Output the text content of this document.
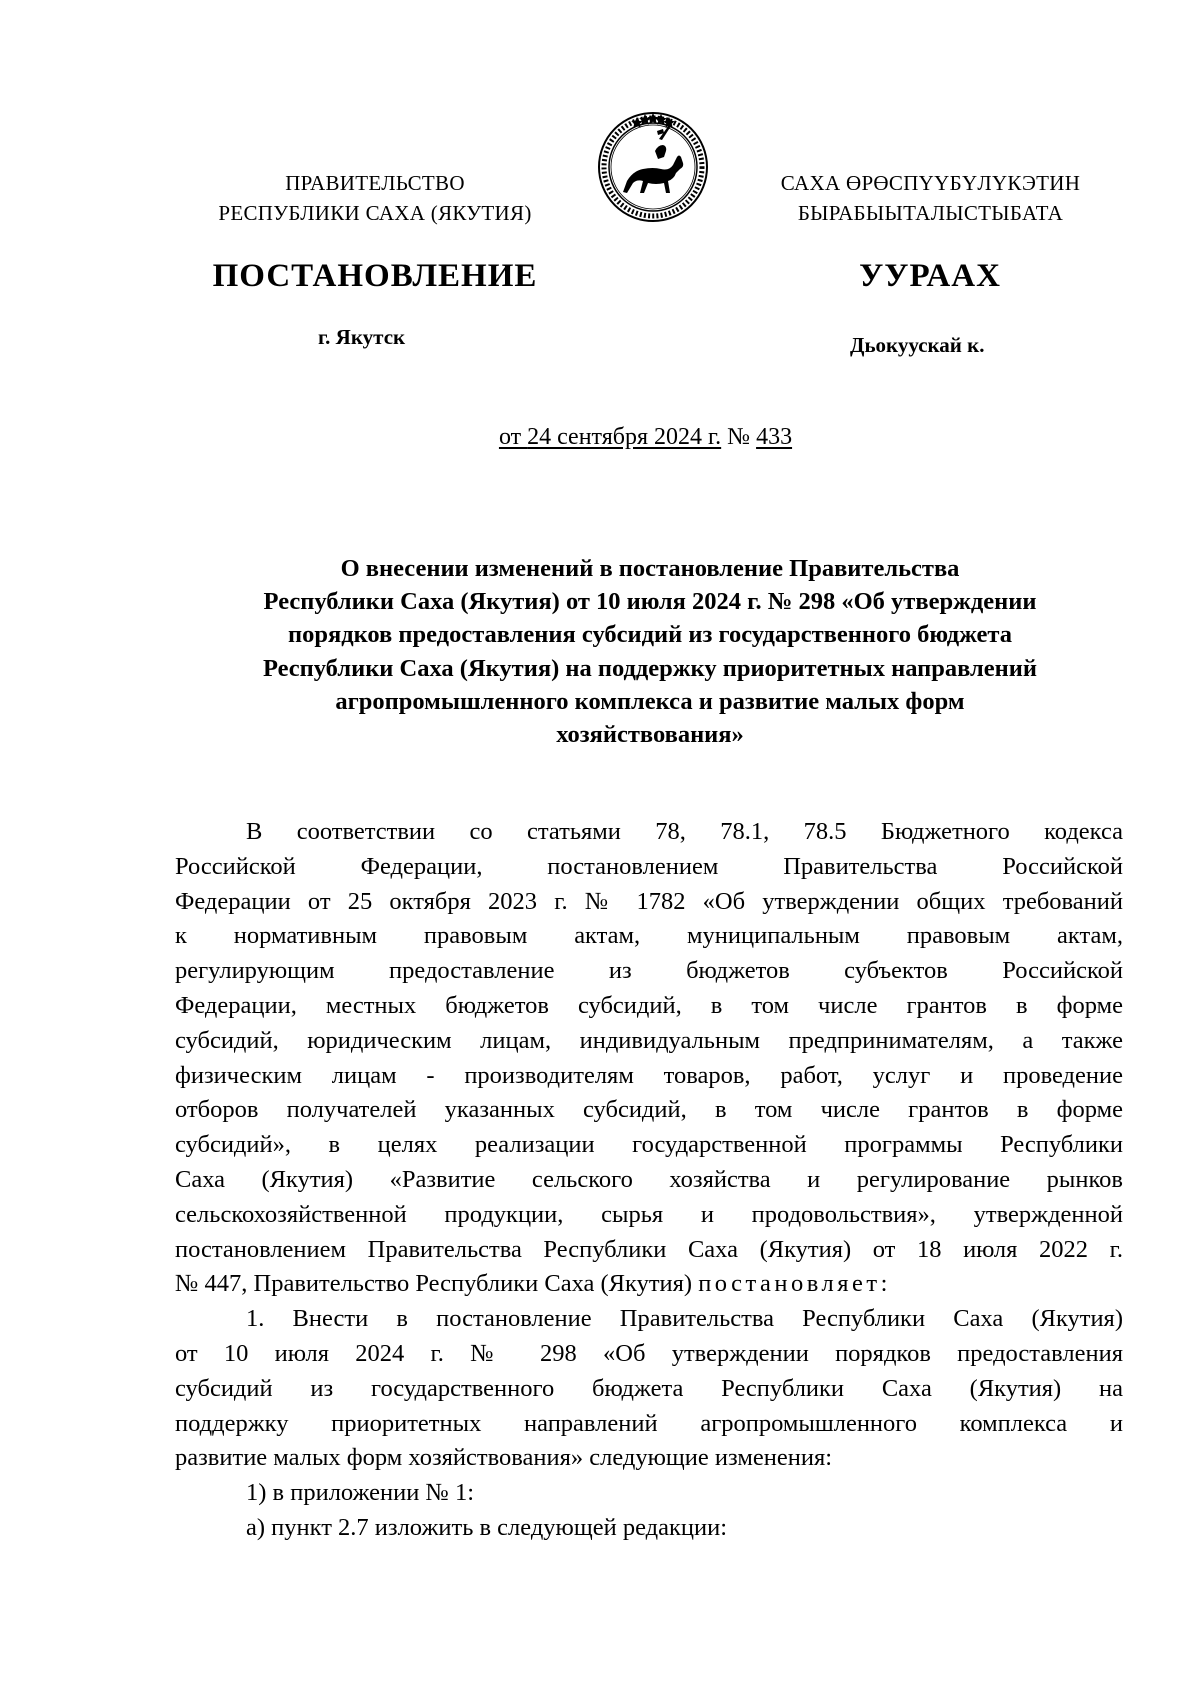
ПРАВИТЕЛЬСТВО
РЕСПУБЛИКИ САХА (ЯКУТИЯ)
САХА ӨРӨСПҮҮБҮЛҮКЭТИН
БЫРАБЫЫТАЛЫСТЫБАТА
ПОСТАНОВЛЕНИЕ	УУРААХ
г. Якутск	Дьокуускай к.
от 24 сентября 2024 г. № 433
О внесении изменений в постановление Правительства
Республики Саха (Якутия) от 10 июля 2024 г. № 298 «Об утверждении
порядков предоставления субсидий из государственного бюджета
Республики Саха (Якутия) на поддержку приоритетных направлений
агропромышленного комплекса и развитие малых форм
хозяйствования»
В соответствии со статьями 78, 78.1, 78.5 Бюджетного кодекса
Российской Федерации, постановлением Правительства Российской
Федерации от 25 октября 2023 г. № 1782 «Об утверждении общих требований
к нормативным правовым актам, муниципальным правовым актам,
регулирующим предоставление из бюджетов субъектов Российской
Федерации, местных бюджетов субсидий, в том числе грантов в форме
субсидий, юридическим лицам, индивидуальным предпринимателям, а также
физическим лицам - производителям товаров, работ, услуг и проведение
отборов получателей указанных субсидий, в том числе грантов в форме
субсидий», в целях реализации государственной программы Республики
Саха (Якутия) «Развитие сельского хозяйства и регулирование рынков
сельскохозяйственной продукции, сырья и продовольствия», утвержденной
постановлением Правительства Республики Саха (Якутия) от 18 июля 2022 г.
№ 447, Правительство Республики Саха (Якутия) постановляет:
1. Внести в постановление Правительства Республики Саха (Якутия)
от 10 июля 2024 г. № 298 «Об утверждении порядков предоставления
субсидий из государственного бюджета Республики Саха (Якутия) на
поддержку приоритетных направлений агропромышленного комплекса и
развитие малых форм хозяйствования» следующие изменения:
1) в приложении № 1:
а) пункт 2.7 изложить в следующей редакции:
